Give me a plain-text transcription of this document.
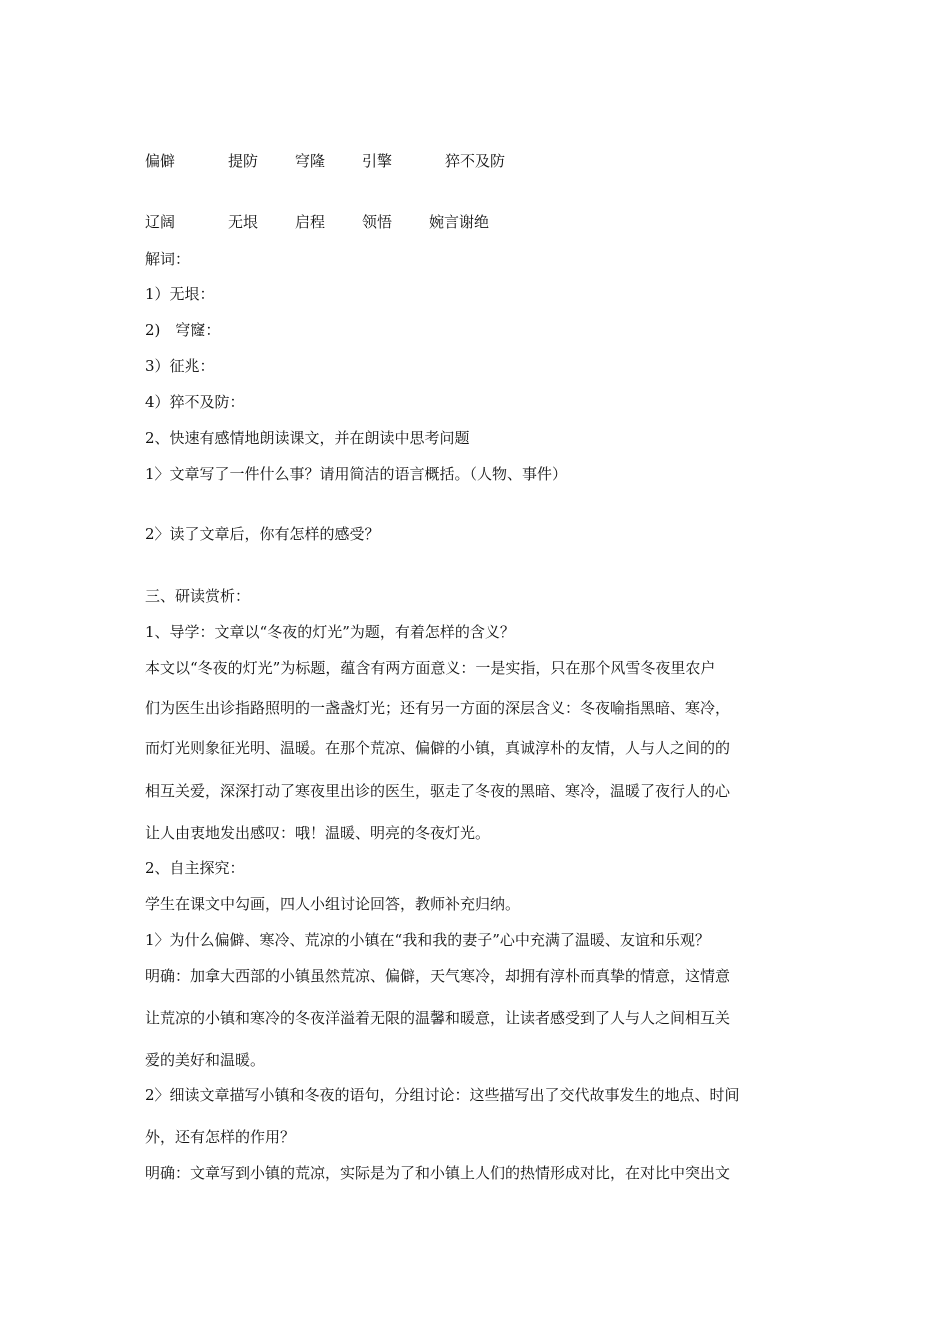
偏僻	提防 穹隆 引擎	猝不及防
辽阔	无垠 启程 领悟 婉言谢绝
解词：
1）无垠：
2)　穹窿：
3）征兆：
4）猝不及防：
2、快速有感情地朗读课文，并在朗读中思考问题
1〉文章写了一件什么事？请用简洁的语言概括。（人物、事件）
2〉读了文章后，你有怎样的感受？
三、研读赏析：
1、导学：文章以“冬夜的灯光”为题，有着怎样的含义？
本文以“冬夜的灯光”为标题，蕴含有两方面意义：一是实指，只在那个风雪冬夜里农户
们为医生出诊指路照明的一盏盏灯光；还有另一方面的深层含义：冬夜喻指黑暗、寒冷，
而灯光则象征光明、温暖。在那个荒凉、偏僻的小镇，真诚淳朴的友情，人与人之间的的
相互关爱，深深打动了寒夜里出诊的医生，驱走了冬夜的黑暗、寒冷，温暖了夜行人的心
让人由衷地发出感叹：哦！温暖、明亮的冬夜灯光。
2、自主探究：
学生在课文中勾画，四人小组讨论回答，教师补充归纳。
1〉为什么偏僻、寒冷、荒凉的小镇在“我和我的妻子”心中充满了温暖、友谊和乐观？
明确：加拿大西部的小镇虽然荒凉、偏僻，天气寒冷，却拥有淳朴而真挚的情意，这情意
让荒凉的小镇和寒冷的冬夜洋溢着无限的温馨和暖意，让读者感受到了人与人之间相互关
爱的美好和温暖。
2〉细读文章描写小镇和冬夜的语句，分组讨论：这些描写出了交代故事发生的地点、时间
外，还有怎样的作用？
明确：文章写到小镇的荒凉，实际是为了和小镇上人们的热情形成对比，在对比中突出文
